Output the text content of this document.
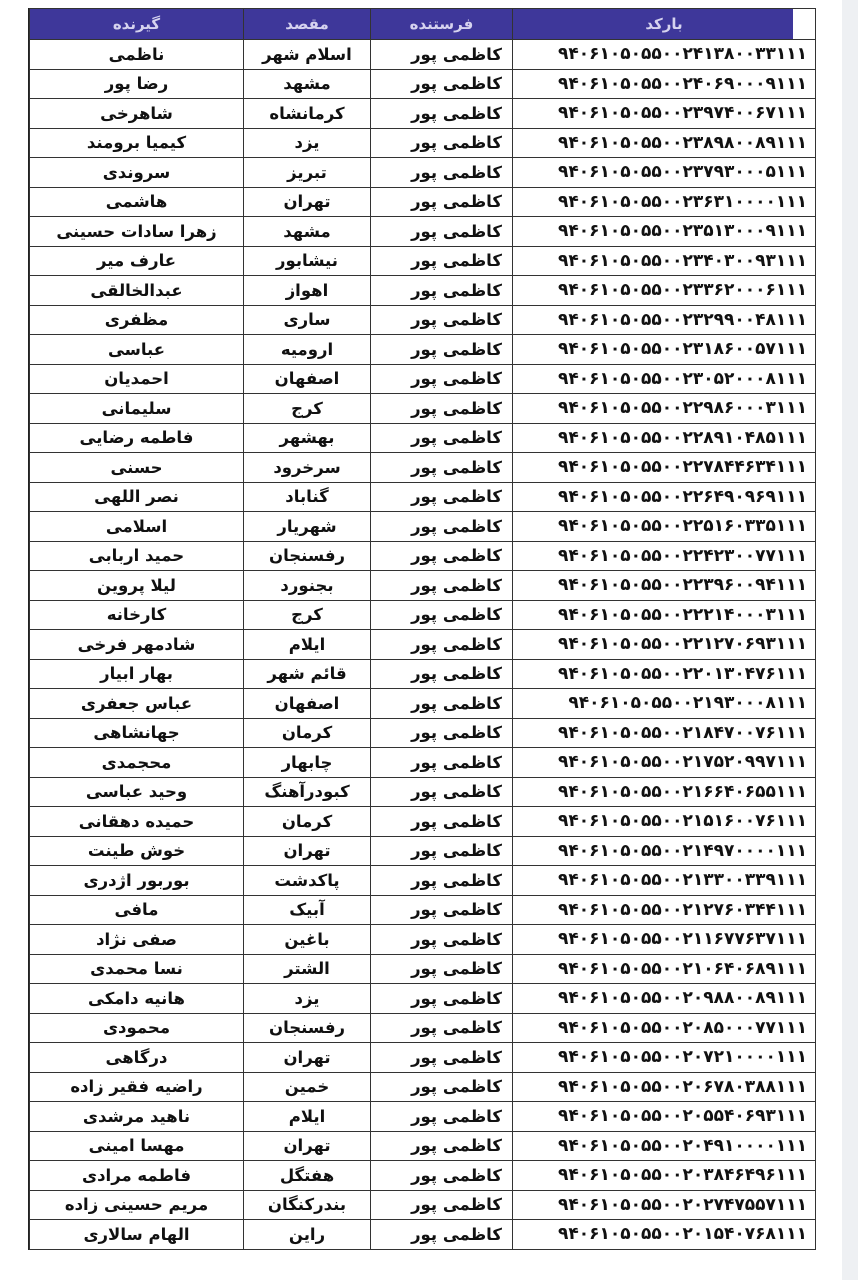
بارکد	فرستنده	مقصد	گیرنده
۹۴۰۶۱۰۵۰۵۵۰۰۲۴۱۳۸۰۰۳۳۱۱۱	کاظمی پور	اسلام شهر	ناظمی
۹۴۰۶۱۰۵۰۵۵۰۰۲۴۰۶۹۰۰۰۹۱۱۱	کاظمی پور	مشهد	رضا پور
۹۴۰۶۱۰۵۰۵۵۰۰۲۳۹۷۴۰۰۶۷۱۱۱	کاظمی پور	کرمانشاه	شاهرخی
۹۴۰۶۱۰۵۰۵۵۰۰۲۳۸۹۸۰۰۸۹۱۱۱	کاظمی پور	یزد	کیمیا برومند
۹۴۰۶۱۰۵۰۵۵۰۰۲۳۷۹۳۰۰۰۵۱۱۱	کاظمی پور	تبریز	سروندی
۹۴۰۶۱۰۵۰۵۵۰۰۲۳۶۳۱۰۰۰۰۱۱۱	کاظمی پور	تهران	هاشمی
۹۴۰۶۱۰۵۰۵۵۰۰۲۳۵۱۳۰۰۰۹۱۱۱	کاظمی پور	مشهد	زهرا سادات حسینی
۹۴۰۶۱۰۵۰۵۵۰۰۲۳۴۰۳۰۰۹۳۱۱۱	کاظمی پور	نیشابور	عارف میر
۹۴۰۶۱۰۵۰۵۵۰۰۲۳۳۶۲۰۰۰۶۱۱۱	کاظمی پور	اهواز	عبدالخالقی
۹۴۰۶۱۰۵۰۵۵۰۰۲۳۲۹۹۰۰۴۸۱۱۱	کاظمی پور	ساری	مظفری
۹۴۰۶۱۰۵۰۵۵۰۰۲۳۱۸۶۰۰۵۷۱۱۱	کاظمی پور	ارومیه	عباسی
۹۴۰۶۱۰۵۰۵۵۰۰۲۳۰۵۲۰۰۰۸۱۱۱	کاظمی پور	اصفهان	احمدیان
۹۴۰۶۱۰۵۰۵۵۰۰۲۲۹۸۶۰۰۰۳۱۱۱	کاظمی پور	کرج	سلیمانی
۹۴۰۶۱۰۵۰۵۵۰۰۲۲۸۹۱۰۴۸۵۱۱۱	کاظمی پور	بهشهر	فاطمه رضایی
۹۴۰۶۱۰۵۰۵۵۰۰۲۲۷۸۴۴۶۳۴۱۱۱	کاظمی پور	سرخرود	حسنی
۹۴۰۶۱۰۵۰۵۵۰۰۲۲۶۴۹۰۹۶۹۱۱۱	کاظمی پور	گناباد	نصر اللهی
۹۴۰۶۱۰۵۰۵۵۰۰۲۲۵۱۶۰۳۳۵۱۱۱	کاظمی پور	شهریار	اسلامی
۹۴۰۶۱۰۵۰۵۵۰۰۲۲۴۲۳۰۰۷۷۱۱۱	کاظمی پور	رفسنجان	حمید اربابی
۹۴۰۶۱۰۵۰۵۵۰۰۲۲۳۹۶۰۰۹۴۱۱۱	کاظمی پور	بجنورد	لیلا پروین
۹۴۰۶۱۰۵۰۵۵۰۰۲۲۲۱۴۰۰۰۳۱۱۱	کاظمی پور	کرج	کارخانه
۹۴۰۶۱۰۵۰۵۵۰۰۲۲۱۲۷۰۶۹۳۱۱۱	کاظمی پور	ایلام	شادمهر فرخی
۹۴۰۶۱۰۵۰۵۵۰۰۲۲۰۱۳۰۴۷۶۱۱۱	کاظمی پور	قائم شهر	بهار ابیار
۹۴۰۶۱۰۵۰۵۵۰۰۲۱۹۳۰۰۰۸۱۱۱	کاظمی پور	اصفهان	عباس جعفری
۹۴۰۶۱۰۵۰۵۵۰۰۲۱۸۴۷۰۰۷۶۱۱۱	کاظمی پور	کرمان	جهانشاهی
۹۴۰۶۱۰۵۰۵۵۰۰۲۱۷۵۲۰۹۹۷۱۱۱	کاظمی پور	چابهار	محجمدی
۹۴۰۶۱۰۵۰۵۵۰۰۲۱۶۶۴۰۶۵۵۱۱۱	کاظمی پور	کبودرآهنگ	وحید عباسی
۹۴۰۶۱۰۵۰۵۵۰۰۲۱۵۱۶۰۰۷۶۱۱۱	کاظمی پور	کرمان	حمیده دهقانی
۹۴۰۶۱۰۵۰۵۵۰۰۲۱۴۹۷۰۰۰۰۱۱۱	کاظمی پور	تهران	خوش طینت
۹۴۰۶۱۰۵۰۵۵۰۰۲۱۳۳۰۰۳۳۹۱۱۱	کاظمی پور	پاکدشت	بوربور اژدری
۹۴۰۶۱۰۵۰۵۵۰۰۲۱۲۷۶۰۳۴۴۱۱۱	کاظمی پور	آبیک	مافی
۹۴۰۶۱۰۵۰۵۵۰۰۲۱۱۶۷۷۶۳۷۱۱۱	کاظمی پور	باغین	صفی نژاد
۹۴۰۶۱۰۵۰۵۵۰۰۲۱۰۶۴۰۶۸۹۱۱۱	کاظمی پور	الشتر	نسا محمدی
۹۴۰۶۱۰۵۰۵۵۰۰۲۰۹۸۸۰۰۸۹۱۱۱	کاظمی پور	یزد	هانیه دامکی
۹۴۰۶۱۰۵۰۵۵۰۰۲۰۸۵۰۰۰۷۷۱۱۱	کاظمی پور	رفسنجان	محمودی
۹۴۰۶۱۰۵۰۵۵۰۰۲۰۷۲۱۰۰۰۰۱۱۱	کاظمی پور	تهران	درگاهی
۹۴۰۶۱۰۵۰۵۵۰۰۲۰۶۷۸۰۳۸۸۱۱۱	کاظمی پور	خمین	راضیه فقیر زاده
۹۴۰۶۱۰۵۰۵۵۰۰۲۰۵۵۴۰۶۹۳۱۱۱	کاظمی پور	ایلام	ناهید مرشدی
۹۴۰۶۱۰۵۰۵۵۰۰۲۰۴۹۱۰۰۰۰۱۱۱	کاظمی پور	تهران	مهسا امینی
۹۴۰۶۱۰۵۰۵۵۰۰۲۰۳۸۴۶۴۹۶۱۱۱	کاظمی پور	هفتگل	فاطمه مرادی
۹۴۰۶۱۰۵۰۵۵۰۰۲۰۲۷۴۷۵۵۷۱۱۱	کاظمی پور	بندرکنگان	مریم حسینی زاده
۹۴۰۶۱۰۵۰۵۵۰۰۲۰۱۵۴۰۷۶۸۱۱۱	کاظمی پور	راین	الهام سالاری
